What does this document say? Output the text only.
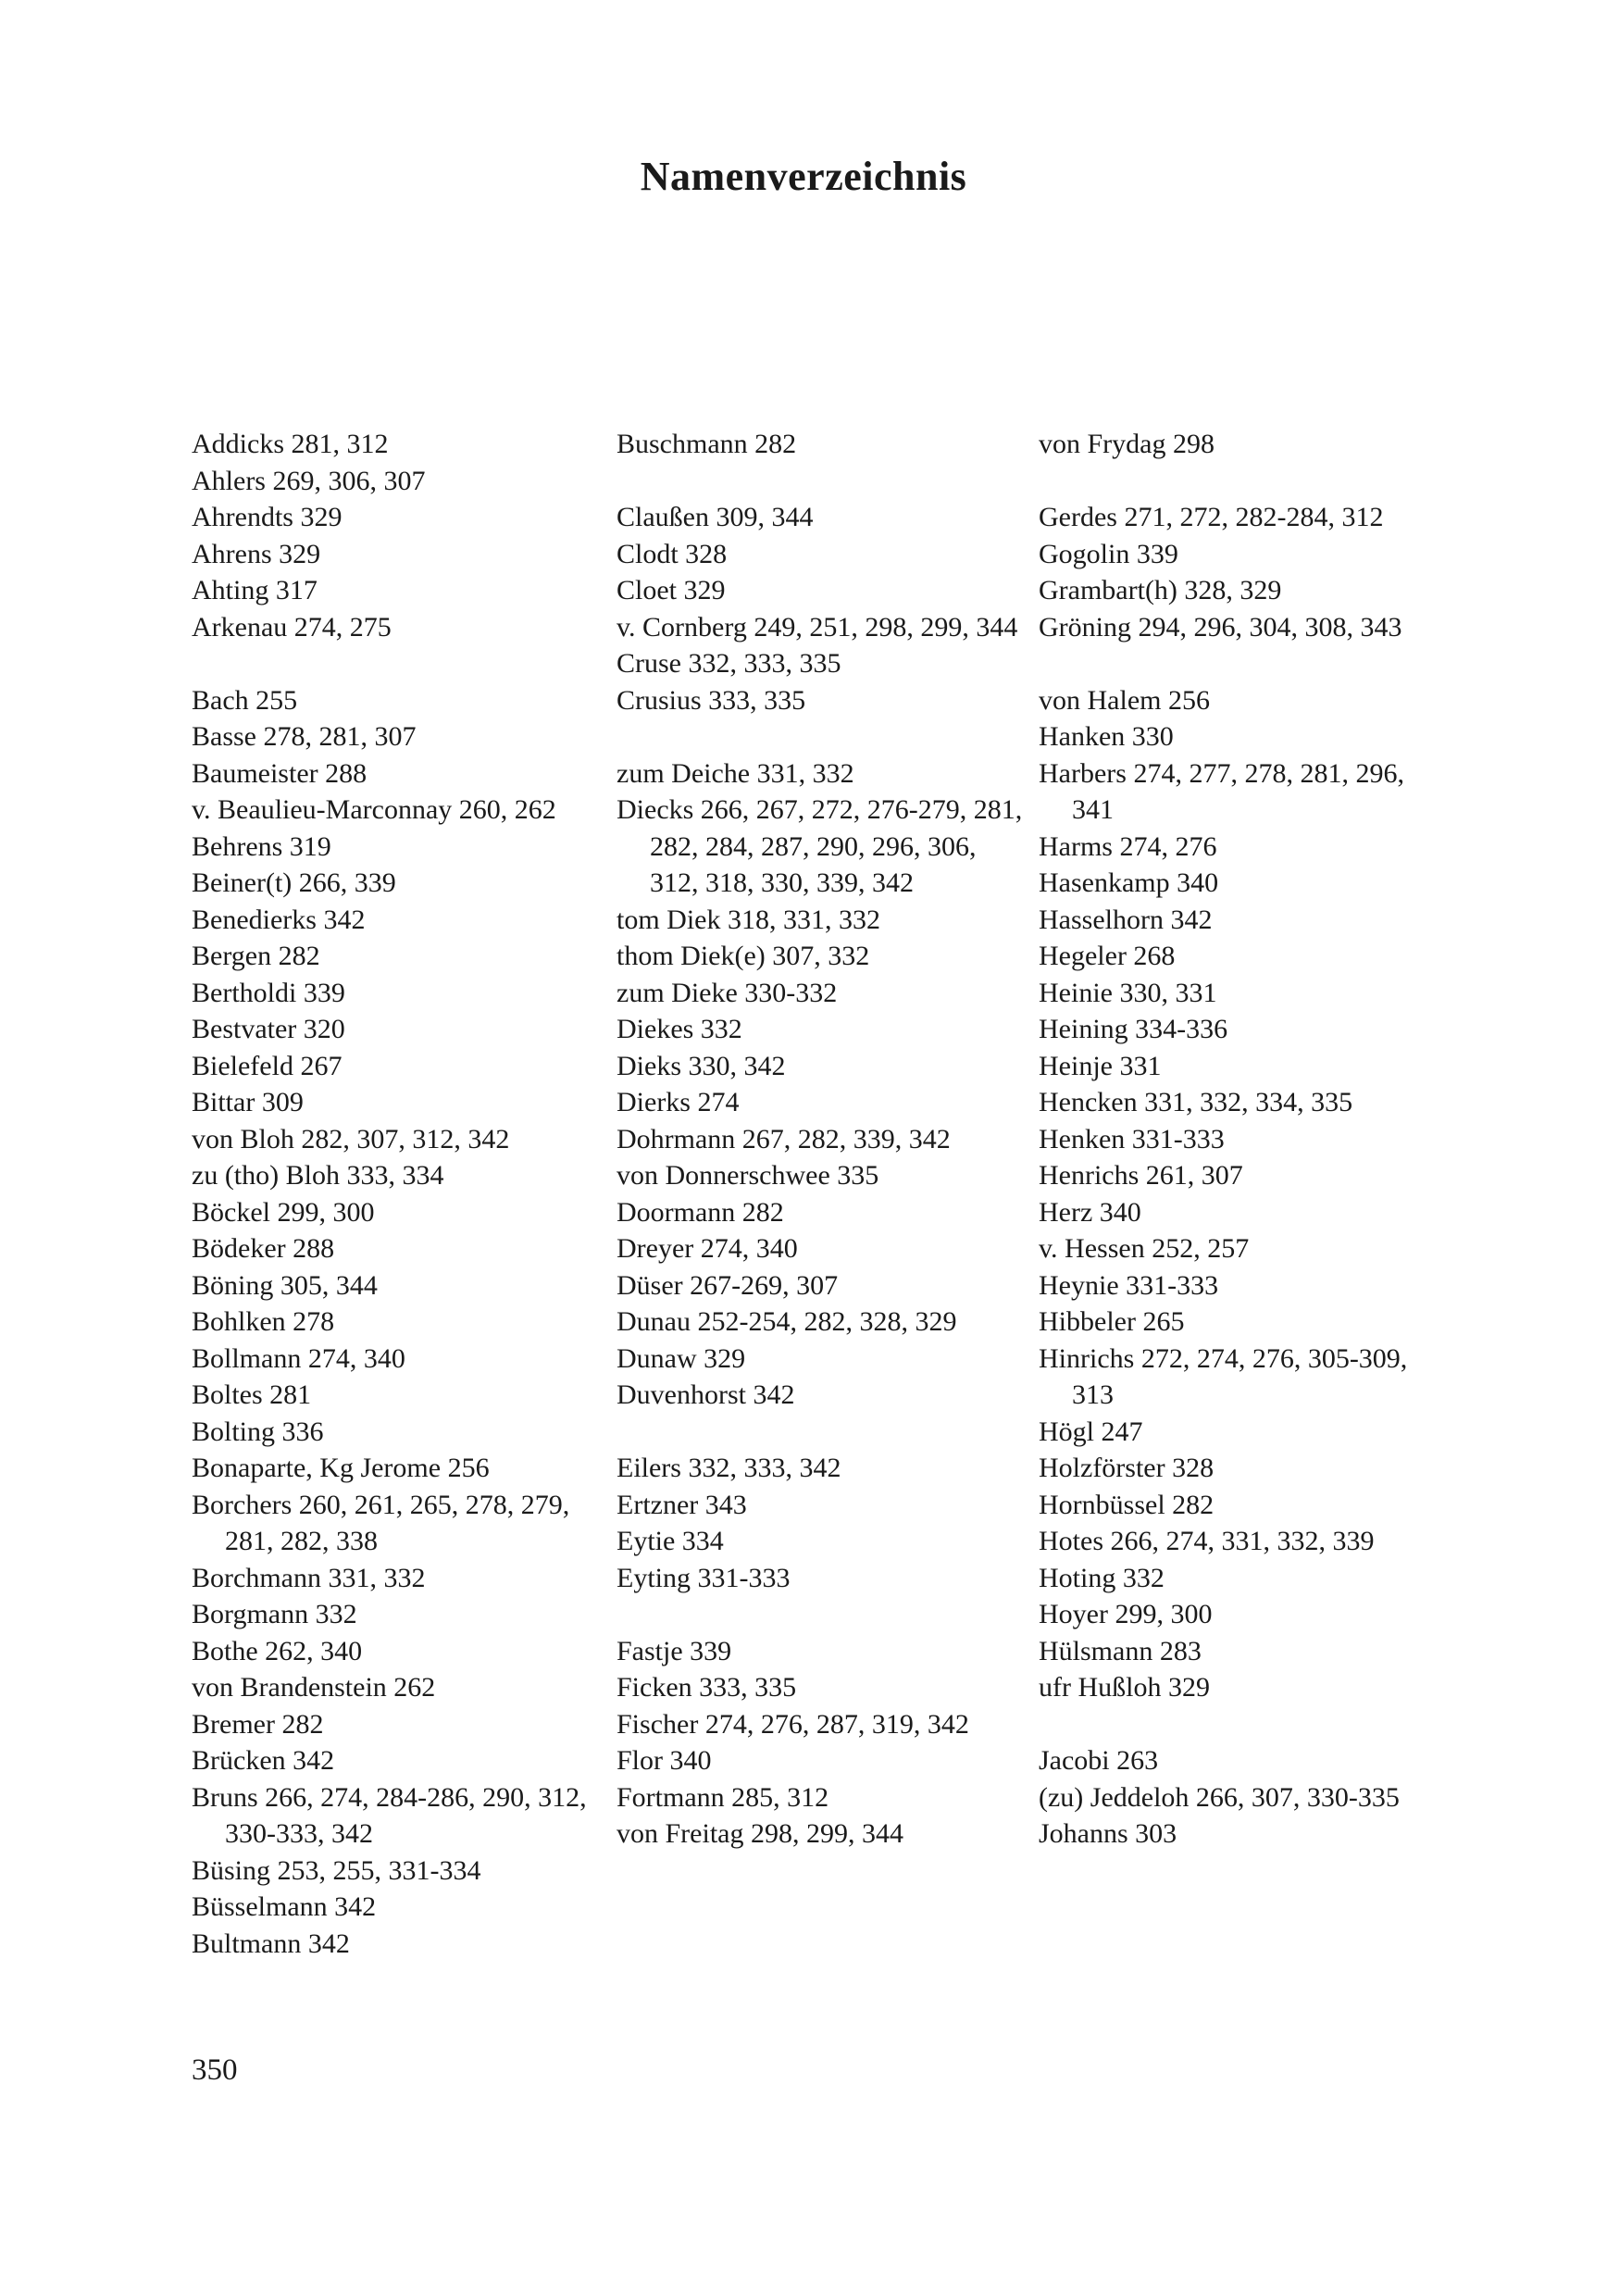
Namenverzeichnis
Addicks 281, 312
Ahlers 269, 306, 307
Ahrendts 329
Ahrens 329
Ahting 317
Arkenau 274, 275
Bach 255
Basse 278, 281, 307
Baumeister 288
v. Beaulieu-Marconnay 260, 262
Behrens 319
Beiner(t) 266, 339
Benedierks 342
Bergen 282
Bertholdi 339
Bestvater 320
Bielefeld 267
Bittar 309
von Bloh 282, 307, 312, 342
zu (tho) Bloh 333, 334
Böckel 299, 300
Bödeker 288
Böning 305, 344
Bohlken 278
Bollmann 274, 340
Boltes 281
Bolting 336
Bonaparte, Kg Jerome 256
Borchers 260, 261, 265, 278, 279, 281, 282, 338
Borchmann 331, 332
Borgmann 332
Bothe 262, 340
von Brandenstein 262
Bremer 282
Brücken 342
Bruns 266, 274, 284-286, 290, 312, 330-333, 342
Büsing 253, 255, 331-334
Büsselmann 342
Bultmann 342
Buschmann 282
Claußen 309, 344
Clodt 328
Cloet 329
v. Cornberg 249, 251, 298, 299, 344
Cruse 332, 333, 335
Crusius 333, 335
zum Deiche 331, 332
Diecks 266, 267, 272, 276-279, 281, 282, 284, 287, 290, 296, 306, 312, 318, 330, 339, 342
tom Diek 318, 331, 332
thom Diek(e) 307, 332
zum Dieke 330-332
Diekes 332
Dieks 330, 342
Dierks 274
Dohrmann 267, 282, 339, 342
von Donnerschwee 335
Doormann 282
Dreyer 274, 340
Düser 267-269, 307
Dunau 252-254, 282, 328, 329
Dunaw 329
Duvenhorst 342
Eilers 332, 333, 342
Ertzner 343
Eytie 334
Eyting 331-333
Fastje 339
Ficken 333, 335
Fischer 274, 276, 287, 319, 342
Flor 340
Fortmann 285, 312
von Freitag 298, 299, 344
von Frydag 298
Gerdes 271, 272, 282-284, 312
Gogolin 339
Grambart(h) 328, 329
Gröning 294, 296, 304, 308, 343
von Halem 256
Hanken 330
Harbers 274, 277, 278, 281, 296, 341
Harms 274, 276
Hasenkamp 340
Hasselhorn 342
Hegeler 268
Heinie 330, 331
Heining 334-336
Heinje 331
Hencken 331, 332, 334, 335
Henken 331-333
Henrichs 261, 307
Herz 340
v. Hessen 252, 257
Heynie 331-333
Hibbeler 265
Hinrichs 272, 274, 276, 305-309, 313
Högl 247
Holzförster 328
Hornbüssel 282
Hotes 266, 274, 331, 332, 339
Hoting 332
Hoyer 299, 300
Hülsmann 283
ufr Hußloh 329
Jacobi 263
(zu) Jeddeloh 266, 307, 330-335
Johanns 303
350
